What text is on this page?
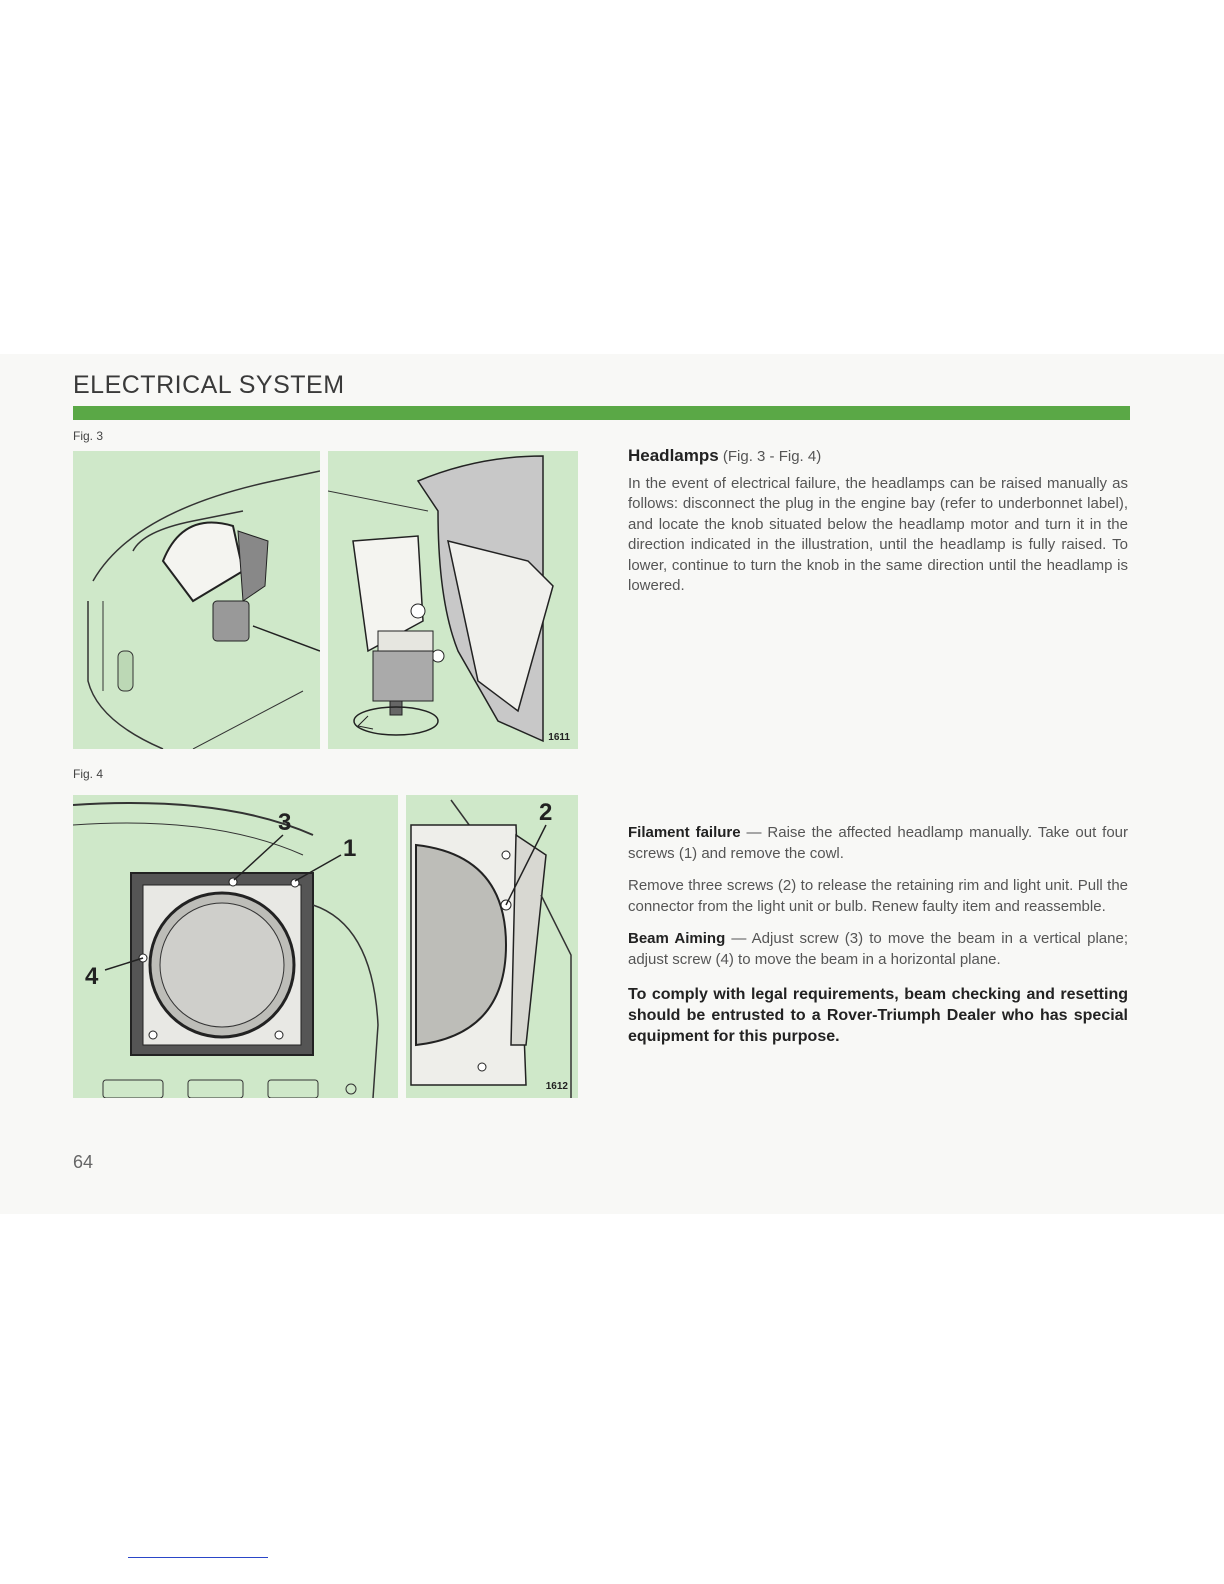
ELECTRICAL SYSTEM
Fig. 3
1611
Fig. 4
3
1
4
2
1612
Headlamps (Fig. 3 - Fig. 4)
In the event of electrical failure, the headlamps can be raised manually as follows: disconnect the plug in the engine bay (refer to underbonnet label), and locate the knob situated below the headlamp motor and turn it in the direction indicated in the illustration, until the headlamp is fully raised. To lower, continue to turn the knob in the same direction until the headlamp is lowered.
Filament failure — Raise the affected headlamp manually. Take out four screws (1) and remove the cowl.
Remove three screws (2) to release the retaining rim and light unit. Pull the connector from the light unit or bulb. Renew faulty item and reassemble.
Beam Aiming — Adjust screw (3) to move the beam in a vertical plane; adjust screw (4) to move the beam in a horizontal plane.
To comply with legal requirements, beam checking and resetting should be entrusted to a Rover-Triumph Dealer who has special equipment for this purpose.
64
